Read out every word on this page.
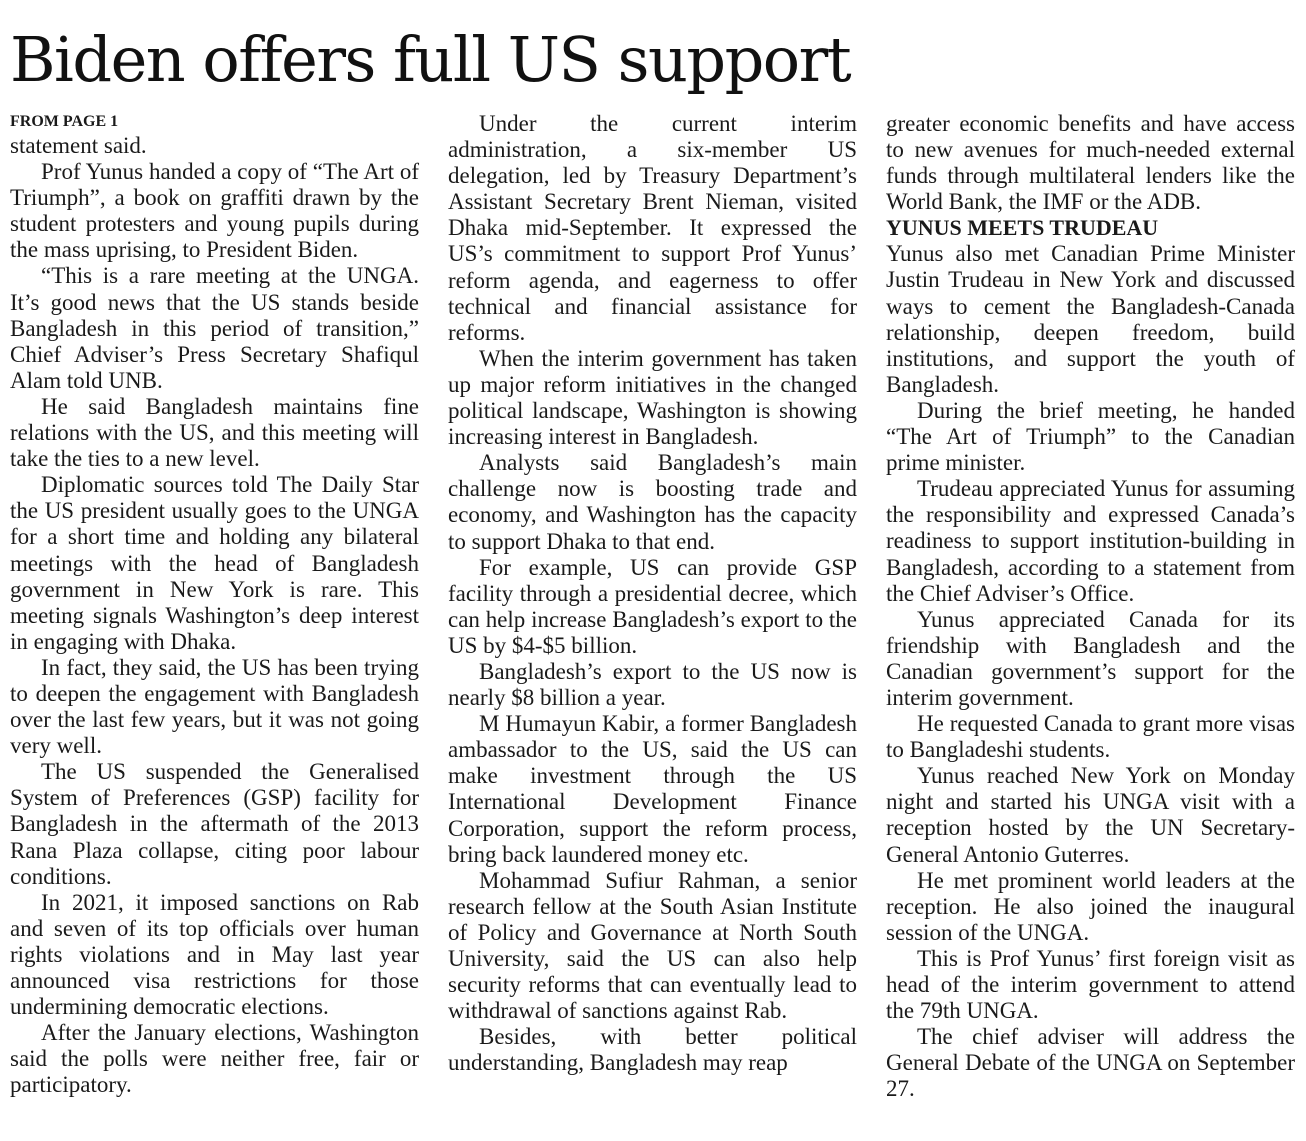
Biden offers full US support
FROM PAGE 1

statement said.

Prof Yunus handed a copy of “The Art of Triumph”, a book on graffiti drawn by the student protesters and young pupils during the mass uprising, to President Biden.

“This is a rare meeting at the UNGA. It’s good news that the US stands beside Bangladesh in this period of transition,” Chief Adviser’s Press Secretary Shafiqul Alam told UNB.

He said Bangladesh maintains fine relations with the US, and this meeting will take the ties to a new level.

Diplomatic sources told The Daily Star the US president usually goes to the UNGA for a short time and holding any bilateral meetings with the head of Bangladesh government in New York is rare. This meeting signals Washington’s deep interest in engaging with Dhaka.

In fact, they said, the US has been trying to deepen the engagement with Bangladesh over the last few years, but it was not going very well.

The US suspended the Generalised System of Preferences (GSP) facility for Bangladesh in the aftermath of the 2013 Rana Plaza collapse, citing poor labour conditions.

In 2021, it imposed sanctions on Rab and seven of its top officials over human rights violations and in May last year announced visa restrictions for those undermining democratic elections.

After the January elections, Washington said the polls were neither free, fair or participatory.

Under the current interim administration, a six-member US delegation, led by Treasury Department’s Assistant Secretary Brent Nieman, visited Dhaka mid-September. It expressed the US’s commitment to support Prof Yunus’ reform agenda, and eagerness to offer technical and financial assistance for reforms.

When the interim government has taken up major reform initiatives in the changed political landscape, Washington is showing increasing interest in Bangladesh.

Analysts said Bangladesh’s main challenge now is boosting trade and economy, and Washington has the capacity to support Dhaka to that end.

For example, US can provide GSP facility through a presidential decree, which can help increase Bangladesh’s export to the US by $4-$5 billion.

Bangladesh’s export to the US now is nearly $8 billion a year.

M Humayun Kabir, a former Bangladesh ambassador to the US, said the US can make investment through the US International Development Finance Corporation, support the reform process, bring back laundered money etc.

Mohammad Sufiur Rahman, a senior research fellow at the South Asian Institute of Policy and Governance at North South University, said the US can also help security reforms that can eventually lead to withdrawal of sanctions against Rab.

Besides, with better political understanding, Bangladesh may reap

greater economic benefits and have access to new avenues for much-needed external funds through multilateral lenders like the World Bank, the IMF or the ADB.

YUNUS MEETS TRUDEAU

Yunus also met Canadian Prime Minister Justin Trudeau in New York and discussed ways to cement the Bangladesh-Canada relationship, deepen freedom, build institutions, and support the youth of Bangladesh.

During the brief meeting, he handed “The Art of Triumph” to the Canadian prime minister.

Trudeau appreciated Yunus for assuming the responsibility and expressed Canada’s readiness to support institution-building in Bangladesh, according to a statement from the Chief Adviser’s Office.

Yunus appreciated Canada for its friendship with Bangladesh and the Canadian government’s support for the interim government.

He requested Canada to grant more visas to Bangladeshi students.

Yunus reached New York on Monday night and started his UNGA visit with a reception hosted by the UN Secretary-General Antonio Guterres.

He met prominent world leaders at the reception. He also joined the inaugural session of the UNGA.

This is Prof Yunus’ first foreign visit as head of the interim government to attend the 79th UNGA.

The chief adviser will address the General Debate of the UNGA on September 27.
